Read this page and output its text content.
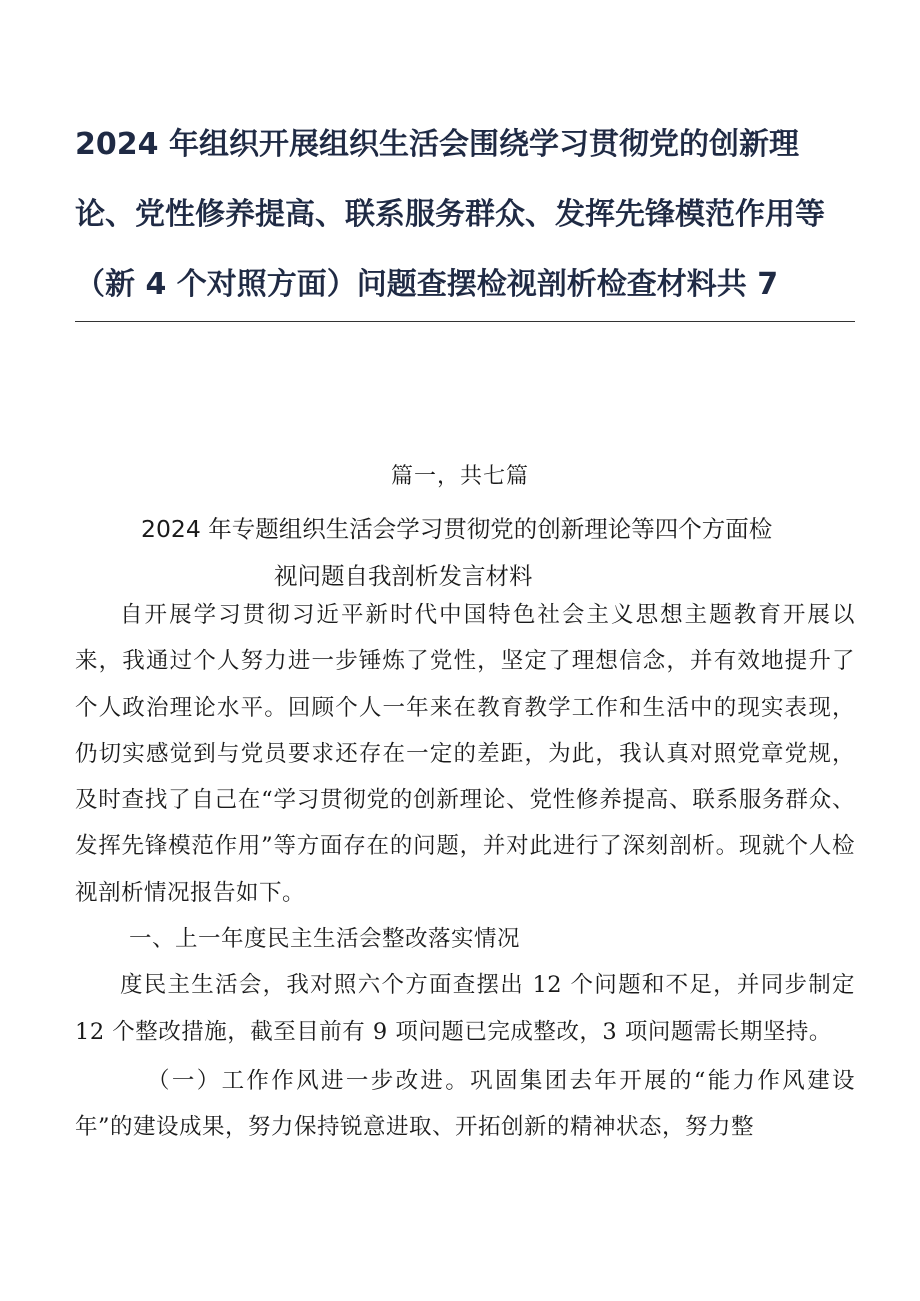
2024 年组织开展组织生活会围绕学习贯彻党的创新理
论、党性修养提高、联系服务群众、发挥先锋模范作用等
（新 4 个对照方面）问题查摆检视剖析检查材料共 7
篇一，共七篇
2024 年专题组织生活会学习贯彻党的创新理论等四个方面检
视问题自我剖析发言材料

自开展学习贯彻习近平新时代中国特色社会主义思想主题教育开展以来，我通过个人努力进一步锤炼了党性，坚定了理想信念，并有效地提升了个人政治理论水平。回顾个人一年来在教育教学工作和生活中的现实表现，仍切实感觉到与党员要求还存在一定的差距，为此，我认真对照党章党规，及时查找了自己在“学习贯彻党的创新理论、党性修养提高、联系服务群众、发挥先锋模范作用”等方面存在的问题，并对此进行了深刻剖析。现就个人检视剖析情况报告如下。

一、上一年度民主生活会整改落实情况

度民主生活会，我对照六个方面查摆出 12 个问题和不足，并同步制定 12 个整改措施，截至目前有 9 项问题已完成整改，3 项问题需长期坚持。

（一）工作作风进一步改进。巩固集团去年开展的“能力作风建设年”的建设成果，努力保持锐意进取、开拓创新的精神状态，努力整
